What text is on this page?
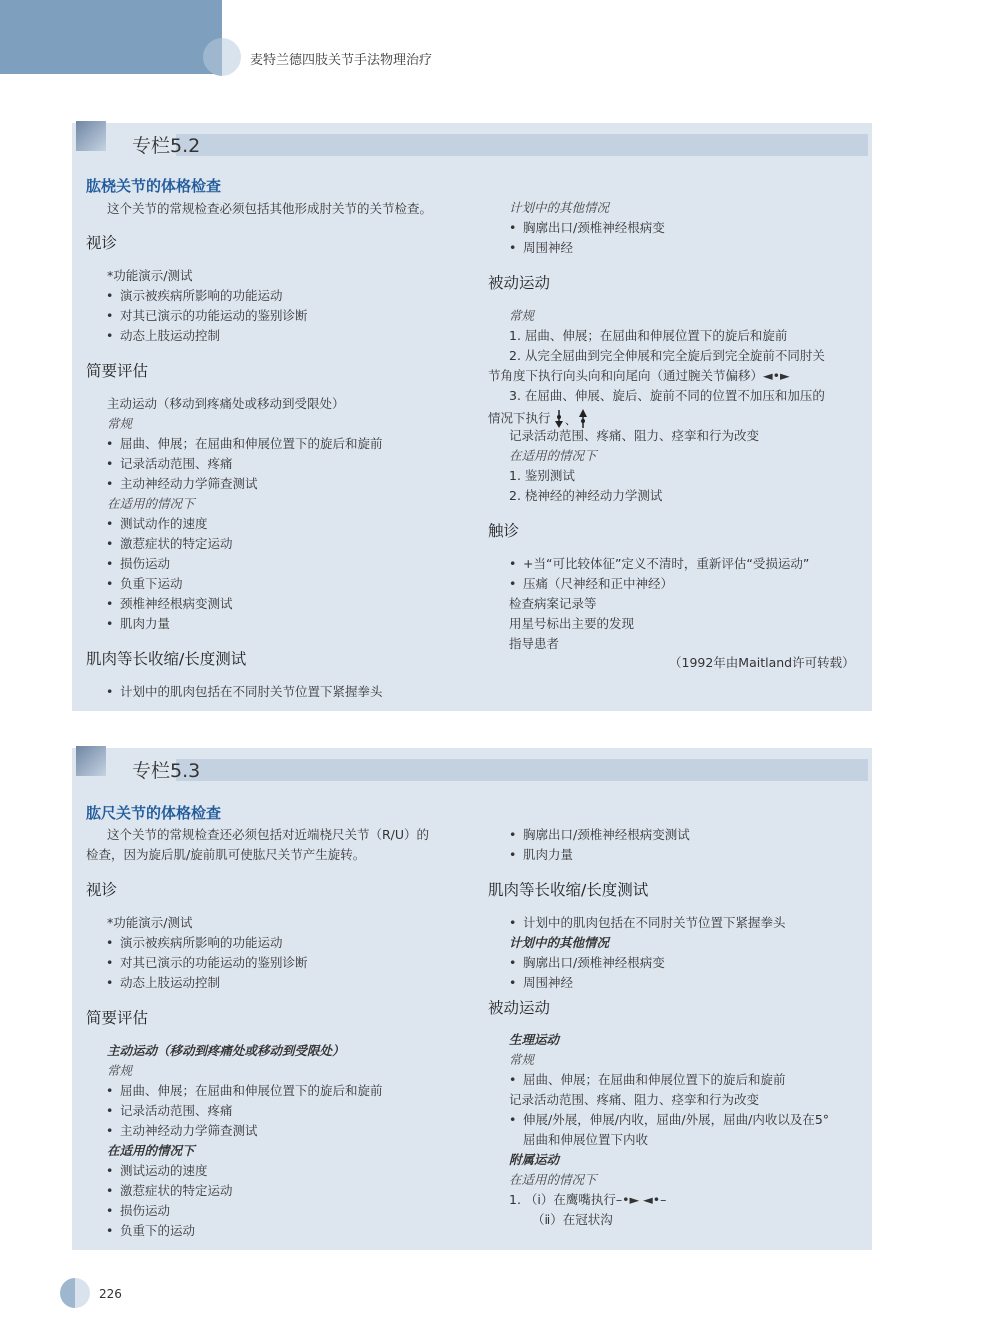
麦特兰德四肢关节手法物理治疗
专栏5.2
肱桡关节的体格检查
这个关节的常规检查必须包括其他形成肘关节的关节检查。
视诊
*功能演示/测试
• 演示被疾病所影响的功能运动
• 对其已演示的功能运动的鉴别诊断
• 动态上肢运动控制
简要评估
主动运动（移动到疼痛处或移动到受限处）
常规
• 屈曲、伸展；在屈曲和伸展位置下的旋后和旋前
• 记录活动范围、疼痛
• 主动神经动力学筛查测试
在适用的情况下
• 测试动作的速度
• 激惹症状的特定运动
• 损伤运动
• 负重下运动
• 颈椎神经根病变测试
• 肌肉力量
肌肉等长收缩/长度测试
• 计划中的肌肉包括在不同肘关节位置下紧握拳头
计划中的其他情况
• 胸廓出口/颈椎神经根病变
• 周围神经
被动运动
常规
1. 屈曲、伸展；在屈曲和伸展位置下的旋后和旋前
2. 从完全屈曲到完全伸展和完全旋后到完全旋前不同肘关
节角度下执行向头向和向尾向（通过腕关节偏移）◄•►
3. 在屈曲、伸展、旋后、旋前不同的位置不加压和加压的
情况下执行 、
记录活动范围、疼痛、阻力、痉挛和行为改变
在适用的情况下
1. 鉴别测试
2. 桡神经的神经动力学测试
触诊
• +当“可比较体征”定义不清时，重新评估“受损运动”
• 压痛（尺神经和正中神经）
检查病案记录等
用星号标出主要的发现
指导患者
（1992年由Maitland许可转载）
专栏5.3
肱尺关节的体格检查
这个关节的常规检查还必须包括对近端桡尺关节（R/U）的
检查，因为旋后肌/旋前肌可使肱尺关节产生旋转。
视诊
*功能演示/测试
• 演示被疾病所影响的功能运动
• 对其已演示的功能运动的鉴别诊断
• 动态上肢运动控制
简要评估
主动运动（移动到疼痛处或移动到受限处）
常规
• 屈曲、伸展；在屈曲和伸展位置下的旋后和旋前
• 记录活动范围、疼痛
• 主动神经动力学筛查测试
在适用的情况下
• 测试运动的速度
• 激惹症状的特定运动
• 损伤运动
• 负重下的运动
• 胸廓出口/颈椎神经根病变测试
• 肌肉力量
肌肉等长收缩/长度测试
• 计划中的肌肉包括在不同肘关节位置下紧握拳头
计划中的其他情况
• 胸廓出口/颈椎神经根病变
• 周围神经
被动运动
生理运动
常规
• 屈曲、伸展；在屈曲和伸展位置下的旋后和旋前
记录活动范围、疼痛、阻力、痉挛和行为改变
• 伸展/外展，伸展/内收，屈曲/外展，屈曲/内收以及在5°
屈曲和伸展位置下内收
附属运动
在适用的情况下
1. （ⅰ）在鹰嘴执行–•► ◄•–
（ⅱ）在冠状沟
226
